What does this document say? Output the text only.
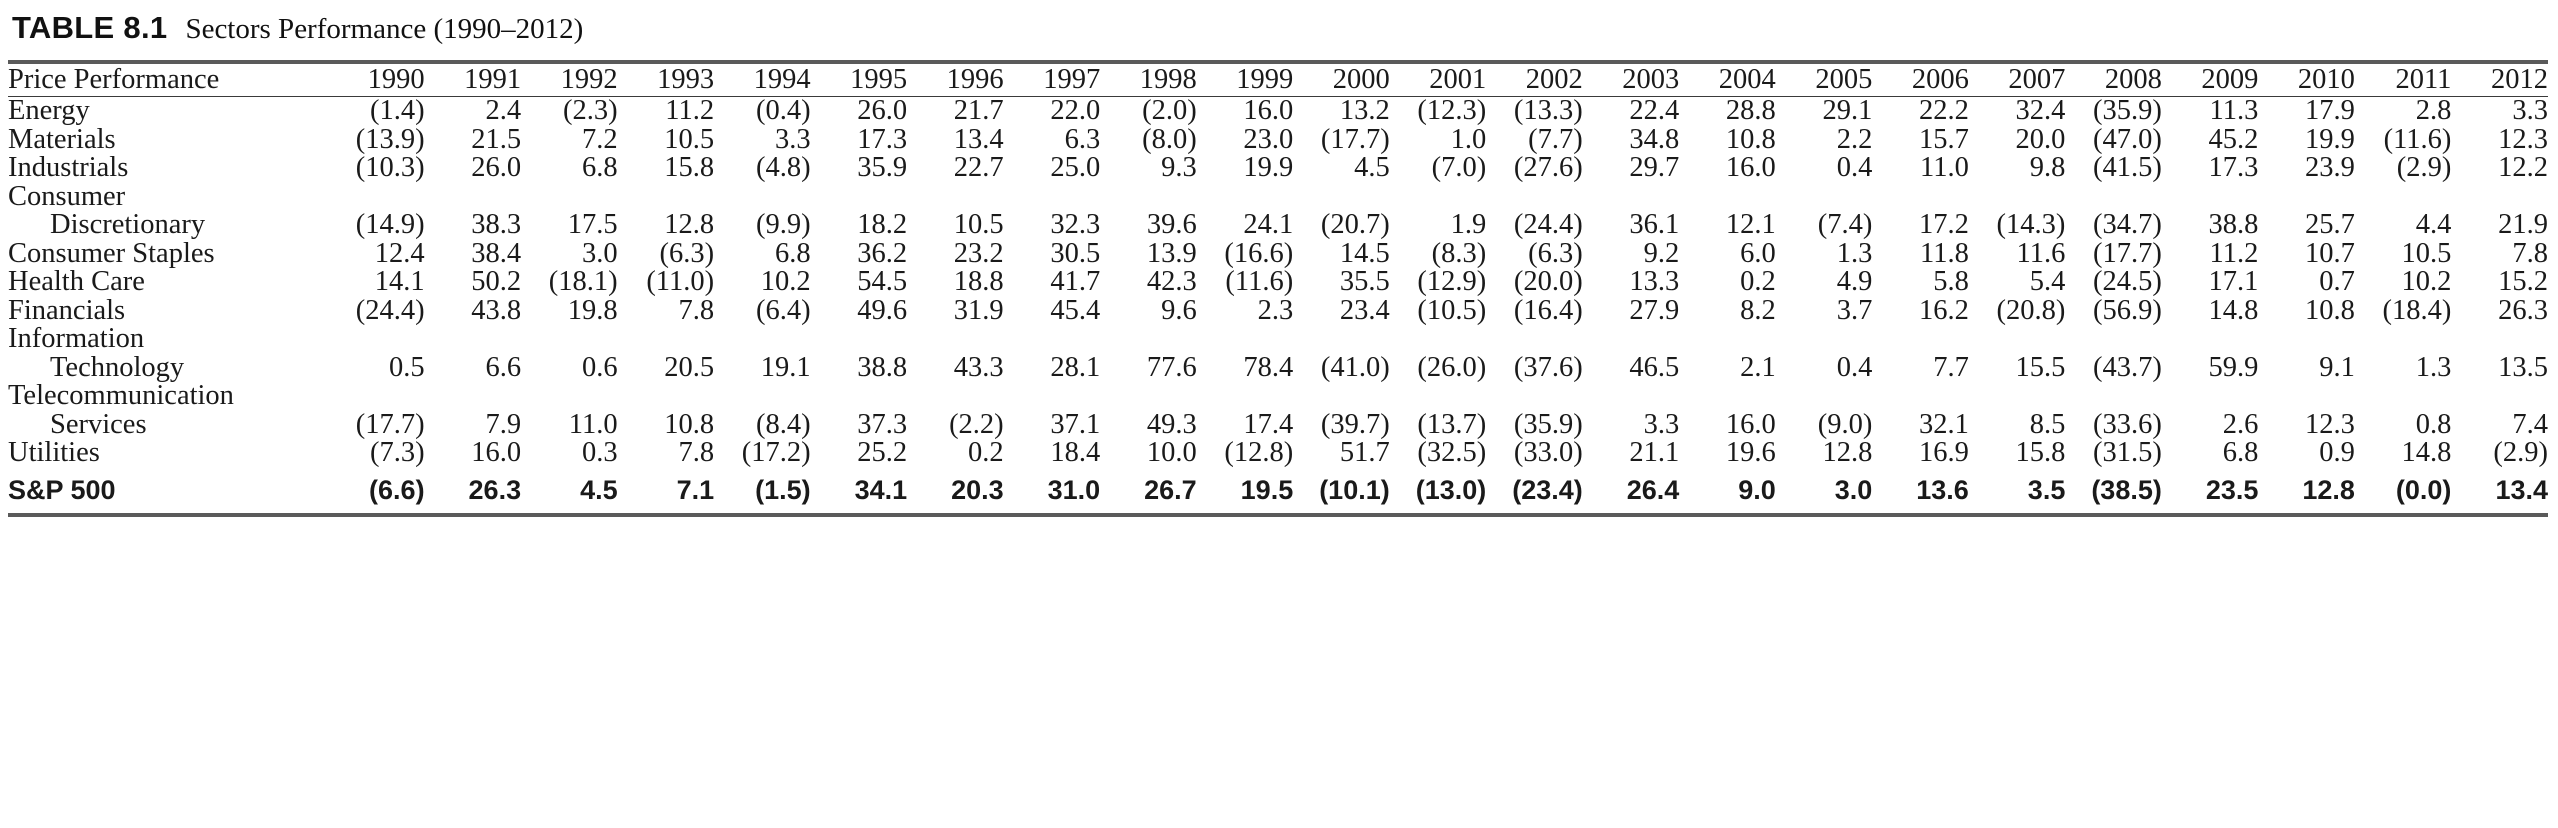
TABLE 8.1 Sectors Performance (1990–2012)
Price Performance	1990	1991	1992	1993	1994	1995	1996	1997	1998	1999	2000	2001	2002	2003	2004	2005	2006	2007	2008	2009	2010	2011	2012
Energy	(1.4)	2.4	(2.3)	11.2	(0.4)	26.0	21.7	22.0	(2.0)	16.0	13.2	(12.3)	(13.3)	22.4	28.8	29.1	22.2	32.4	(35.9)	11.3	17.9	2.8	3.3
Materials	(13.9)	21.5	7.2	10.5	3.3	17.3	13.4	6.3	(8.0)	23.0	(17.7)	1.0	(7.7)	34.8	10.8	2.2	15.7	20.0	(47.0)	45.2	19.9	(11.6)	12.3
Industrials	(10.3)	26.0	6.8	15.8	(4.8)	35.9	22.7	25.0	9.3	19.9	4.5	(7.0)	(27.6)	29.7	16.0	0.4	11.0	9.8	(41.5)	17.3	23.9	(2.9)	12.2
Consumer																							
Discretionary	(14.9)	38.3	17.5	12.8	(9.9)	18.2	10.5	32.3	39.6	24.1	(20.7)	1.9	(24.4)	36.1	12.1	(7.4)	17.2	(14.3)	(34.7)	38.8	25.7	4.4	21.9
Consumer Staples	12.4	38.4	3.0	(6.3)	6.8	36.2	23.2	30.5	13.9	(16.6)	14.5	(8.3)	(6.3)	9.2	6.0	1.3	11.8	11.6	(17.7)	11.2	10.7	10.5	7.8
Health Care	14.1	50.2	(18.1)	(11.0)	10.2	54.5	18.8	41.7	42.3	(11.6)	35.5	(12.9)	(20.0)	13.3	0.2	4.9	5.8	5.4	(24.5)	17.1	0.7	10.2	15.2
Financials	(24.4)	43.8	19.8	7.8	(6.4)	49.6	31.9	45.4	9.6	2.3	23.4	(10.5)	(16.4)	27.9	8.2	3.7	16.2	(20.8)	(56.9)	14.8	10.8	(18.4)	26.3
Information																							
Technology	0.5	6.6	0.6	20.5	19.1	38.8	43.3	28.1	77.6	78.4	(41.0)	(26.0)	(37.6)	46.5	2.1	0.4	7.7	15.5	(43.7)	59.9	9.1	1.3	13.5
Telecommunication																							
Services	(17.7)	7.9	11.0	10.8	(8.4)	37.3	(2.2)	37.1	49.3	17.4	(39.7)	(13.7)	(35.9)	3.3	16.0	(9.0)	32.1	8.5	(33.6)	2.6	12.3	0.8	7.4
Utilities	(7.3)	16.0	0.3	7.8	(17.2)	25.2	0.2	18.4	10.0	(12.8)	51.7	(32.5)	(33.0)	21.1	19.6	12.8	16.9	15.8	(31.5)	6.8	0.9	14.8	(2.9)
S&P 500	(6.6)	26.3	4.5	7.1	(1.5)	34.1	20.3	31.0	26.7	19.5	(10.1)	(13.0)	(23.4)	26.4	9.0	3.0	13.6	3.5	(38.5)	23.5	12.8	(0.0)	13.4
